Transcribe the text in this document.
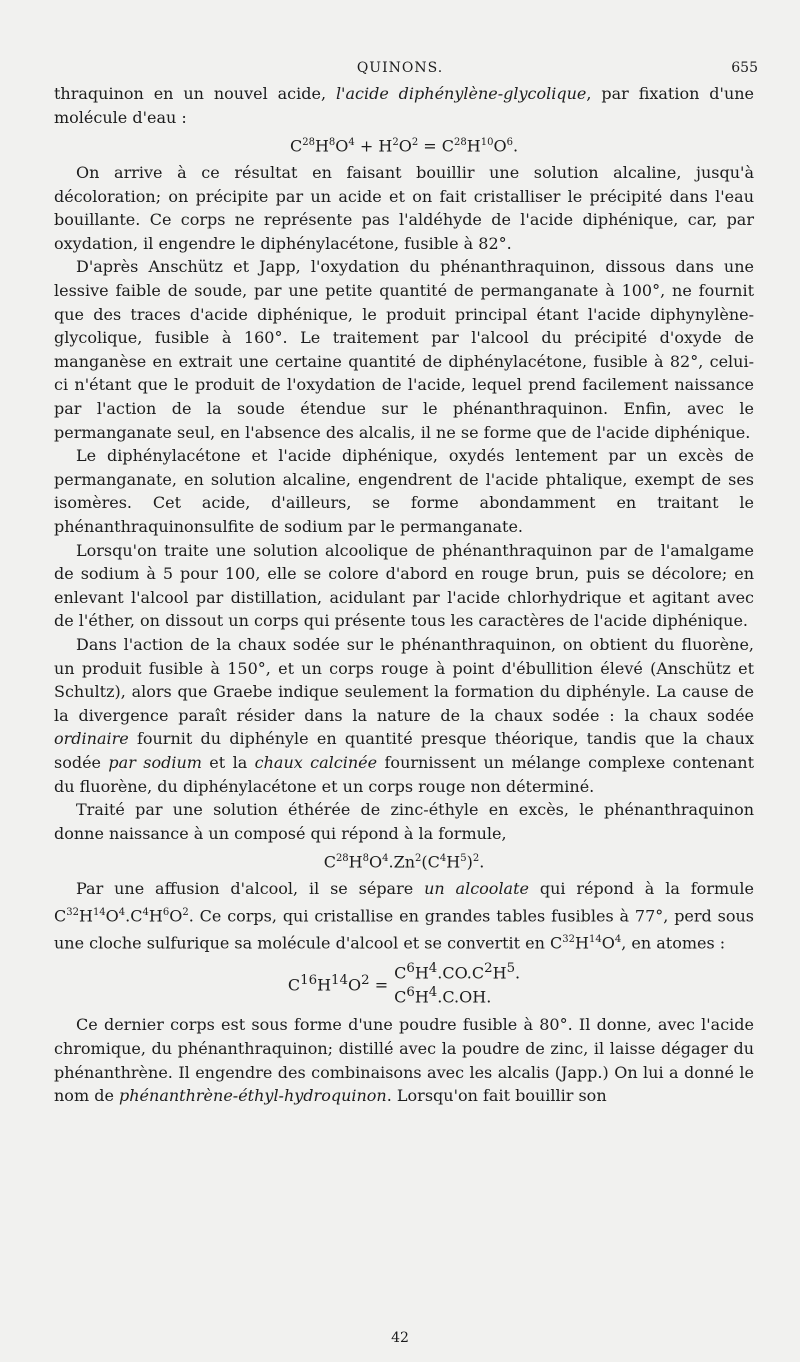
QUINONS.	655

thraquinon en un nouvel acide, l'acide diphénylène-glycolique, par fixation d'une molécule d'eau :

$C^{28}H^8O^4 + H^2O^2 = C^{28}H^{10}O^6$.

On arrive à ce résultat en faisant bouillir une solution alcaline, jusqu'à décoloration; on précipite par un acide et on fait cristalliser le précipité dans l'eau bouillante. Ce corps ne représente pas l'aldéhyde de l'acide diphénique, car, par oxydation, il engendre le diphénylacétone, fusible à 82°.

D'après Anschütz et Japp, l'oxydation du phénanthraquinon, dissous dans une lessive faible de soude, par une petite quantité de permanganate à 100°, ne fournit que des traces d'acide diphénique, le produit principal étant l'acide diphynylène-glycolique, fusible à 160°. Le traitement par l'alcool du précipité d'oxyde de manganèse en extrait une certaine quantité de diphénylacétone, fusible à 82°, celui-ci n'étant que le produit de l'oxydation de l'acide, lequel prend facilement naissance par l'action de la soude étendue sur le phénanthraquinon. Enfin, avec le permanganate seul, en l'absence des alcalis, il ne se forme que de l'acide diphénique.

Le diphénylacétone et l'acide diphénique, oxydés lentement par un excès de permanganate, en solution alcaline, engendrent de l'acide phtalique, exempt de ses isomères. Cet acide, d'ailleurs, se forme abondamment en traitant le phénanthraquinonsulfite de sodium par le permanganate.

Lorsqu'on traite une solution alcoolique de phénanthraquinon par de l'amalgame de sodium à 5 pour 100, elle se colore d'abord en rouge brun, puis se décolore; en enlevant l'alcool par distillation, acidulant par l'acide chlorhydrique et agitant avec de l'éther, on dissout un corps qui présente tous les caractères de l'acide diphénique.

Dans l'action de la chaux sodée sur le phénanthraquinon, on obtient du fluorène, un produit fusible à 150°, et un corps rouge à point d'ébullition élevé (Anschütz et Schultz), alors que Graebe indique seulement la formation du diphényle. La cause de la divergence paraît résider dans la nature de la chaux sodée : la chaux sodée ordinaire fournit du diphényle en quantité presque théorique, tandis que la chaux sodée par sodium et la chaux calcinée fournissent un mélange complexe contenant du fluorène, du diphénylacétone et un corps rouge non déterminé.

Traité par une solution éthérée de zinc-éthyle en excès, le phénanthraquinon donne naissance à un composé qui répond à la formule,

$C^{28}H^8O^4.Zn^2(C^4H^5)^2$.

Par une affusion d'alcool, il se sépare un alcoolate qui répond à la formule $C^{32}H^{14}O^4.C^4H^6O^2$. Ce corps, qui cristallise en grandes tables fusibles à 77°, perd sous une cloche sulfurique sa molécule d'alcool et se convertit en $C^{32}H^{14}O^4$, en atomes :

$C^{16}H^{14}O^2$ =
$C^6H^4.CO.C^2H^5$.
$C^6H^4.C.OH$.

Ce dernier corps est sous forme d'une poudre fusible à 80°. Il donne, avec l'acide chromique, du phénanthraquinon; distillé avec la poudre de zinc, il laisse dégager du phénanthrène. Il engendre des combinaisons avec les alcalis (Japp.) On lui a donné le nom de phénanthrène-éthyl-hydroquinon. Lorsqu'on fait bouillir son

42
